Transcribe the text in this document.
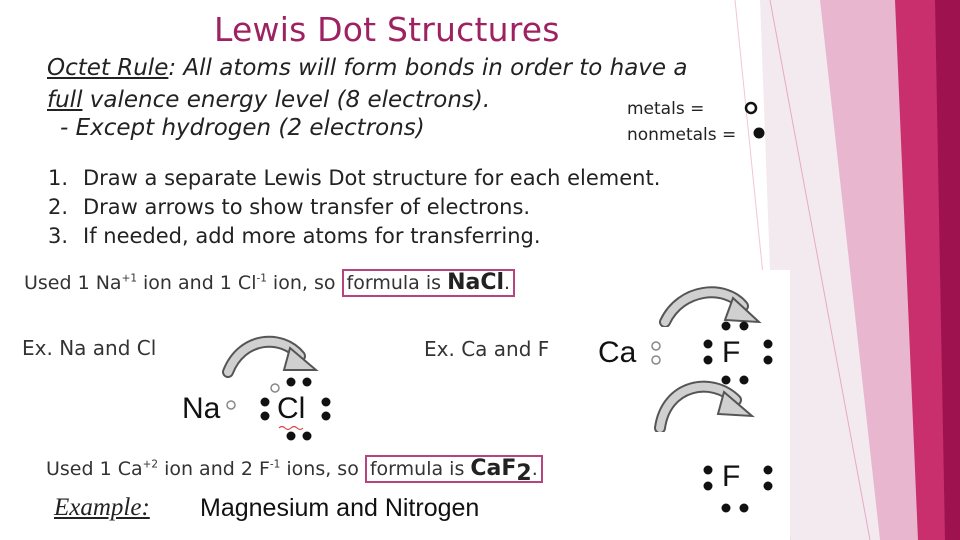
Lewis Dot Structures
Octet Rule: All atoms will form bonds in order to have a
full valence energy level (8 electrons).
- Except hydrogen (2 electrons)
metals =
nonmetals =
1. Draw a separate Lewis Dot structure for each element.
2. Draw arrows to show transfer of electrons.
3. If needed, add more atoms for transferring.
Used 1 $Na^{+1}$ ion and 1 $Cl^{-1}$ ion, so formula is NaCl.
Ex. Na and Cl	Ex. Ca and F
Na Cl
Ca	F
F
Used 1 $Ca^{+2}$ ion and 2 $F^{-1}$ ions, so formula is CaF$_2$.
Example: Magnesium and Nitrogen
